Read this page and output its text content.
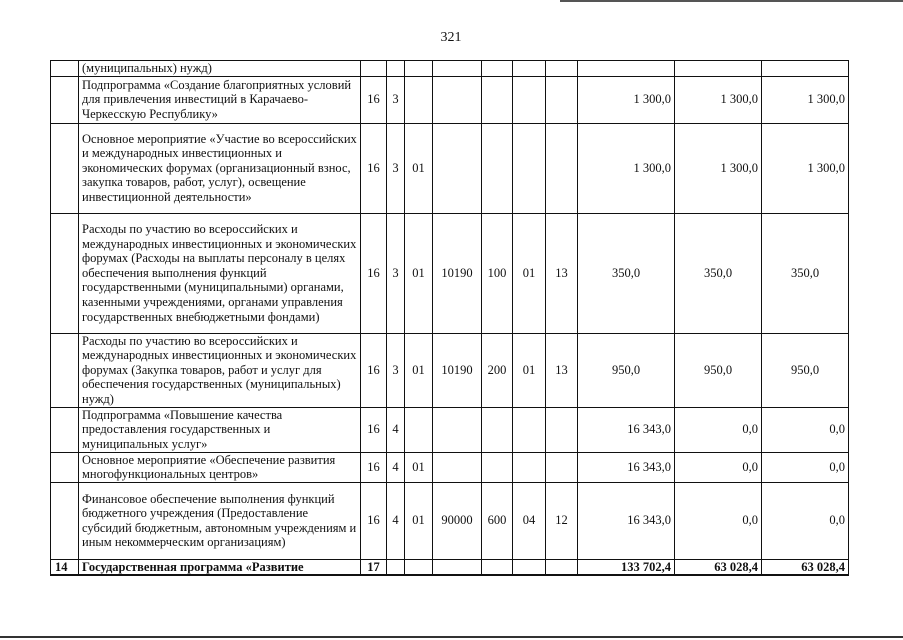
321
	(муниципальных) нужд)										
	Подпрограмма «Создание благоприятных условий для привлечения инвестиций в Карачаево-Черкесскую Республику»	16	3						1 300,0	1 300,0	1 300,0
	Основное мероприятие «Участие во всероссийских и международных инвестиционных и экономических форумах (организационный взнос, закупка товаров, работ, услуг), освещение инвестиционной деятельности»	16	3	01					1 300,0	1 300,0	1 300,0
	Расходы по участию во всероссийских и международных инвестиционных и экономических форумах (Расходы на выплаты персоналу в целях обеспечения выполнения функций государственными (муниципальными) органами, казенными учреждениями, органами управления государственных внебюджетными фондами)	16	3	01	10190	100	01	13	350,0	350,0	350,0
	Расходы по участию во всероссийских и международных инвестиционных и экономических форумах (Закупка товаров, работ и услуг для обеспечения государственных (муниципальных) нужд)	16	3	01	10190	200	01	13	950,0	950,0	950,0
	Подпрограмма «Повышение качества предоставления государственных и муниципальных услуг»	16	4						16 343,0	0,0	0,0
	Основное мероприятие «Обеспечение развития многофункциональных центров»	16	4	01					16 343,0	0,0	0,0
	Финансовое обеспечение выполнения функций бюджетного учреждения (Предоставление субсидий бюджетным, автономным учреждениям и иным некоммерческим организациям)	16	4	01	90000	600	04	12	16 343,0	0,0	0,0
14	Государственная программа «Развитие	17							133 702,4	63 028,4	63 028,4
